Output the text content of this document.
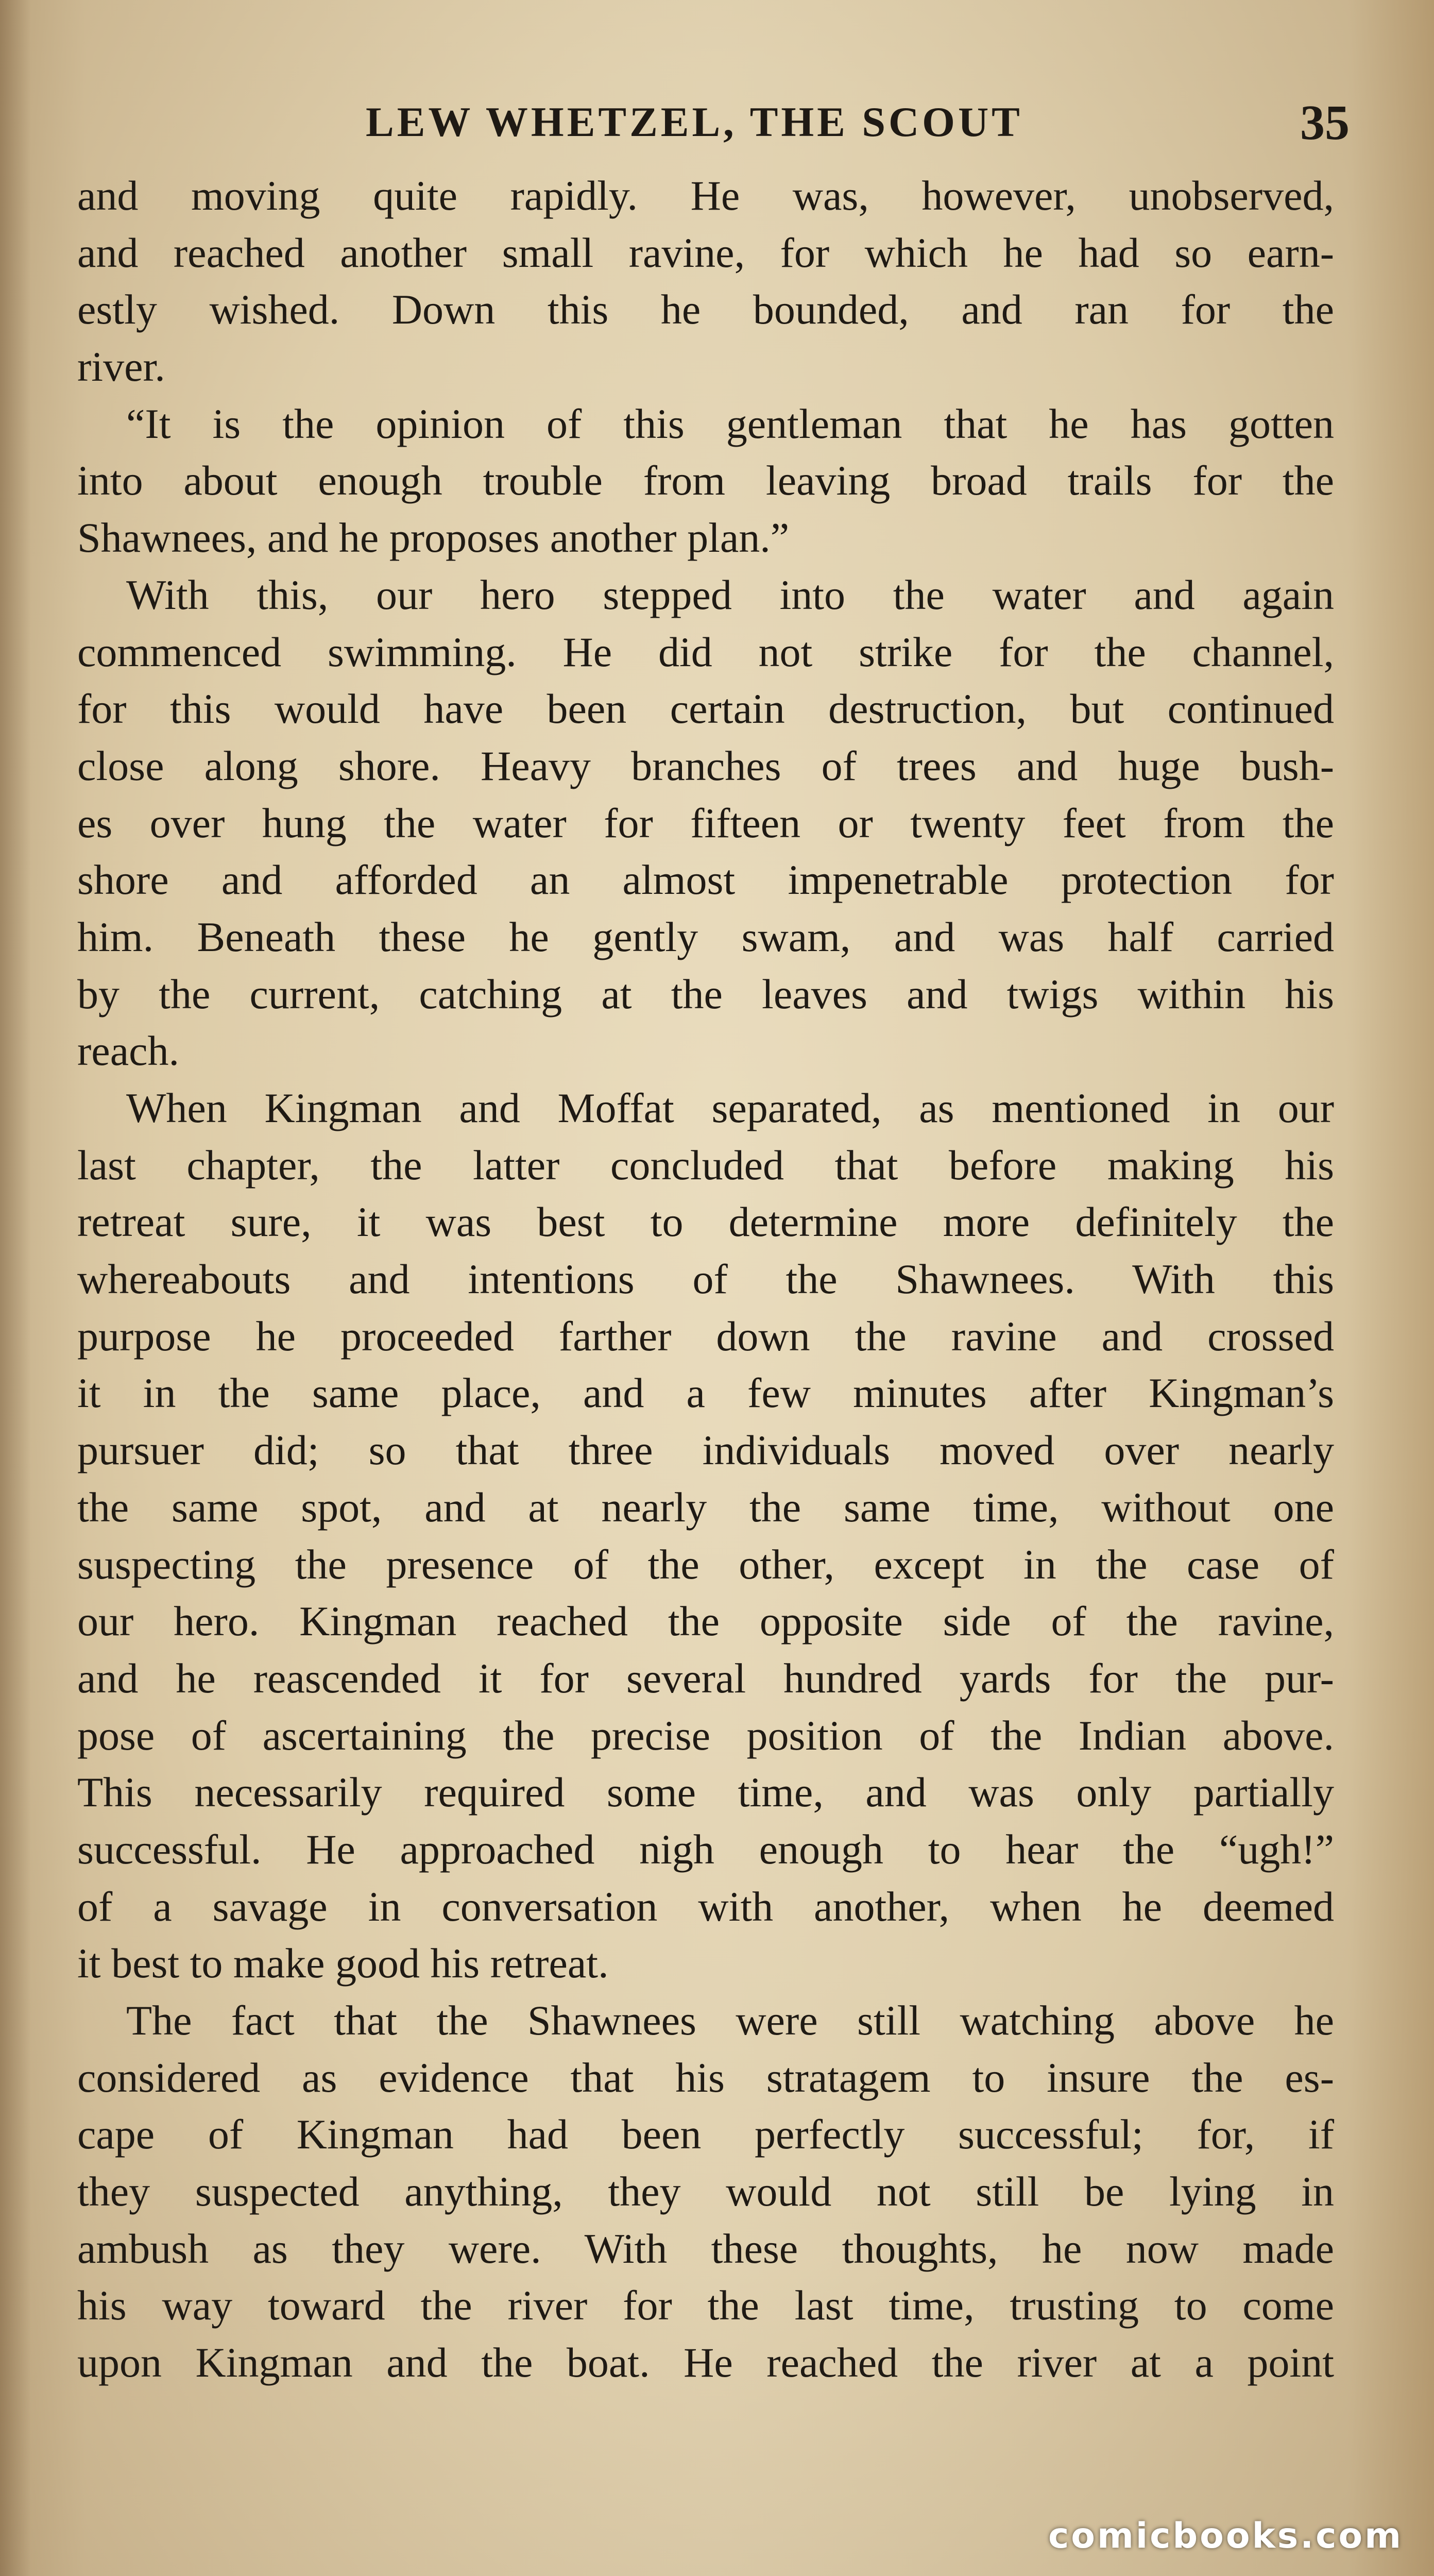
LEW WHETZEL, THE SCOUT	35
and moving quite rapidly. He was, however, unobserved,
and reached another small ravine, for which he had so earn-
estly wished. Down this he bounded, and ran for the
river.
“It is the opinion of this gentleman that he has gotten
into about enough trouble from leaving broad trails for the
Shawnees, and he proposes another plan.”
With this, our hero stepped into the water and again
commenced swimming. He did not strike for the channel,
for this would have been certain destruction, but continued
close along shore. Heavy branches of trees and huge bush-
es over hung the water for fifteen or twenty feet from the
shore and afforded an almost impenetrable protection for
him. Beneath these he gently swam, and was half carried
by the current, catching at the leaves and twigs within his
reach.
When Kingman and Moffat separated, as mentioned in our
last chapter, the latter concluded that before making his
retreat sure, it was best to determine more definitely the
whereabouts and intentions of the Shawnees. With this
purpose he proceeded farther down the ravine and crossed
it in the same place, and a few minutes after Kingman’s
pursuer did; so that three individuals moved over nearly
the same spot, and at nearly the same time, without one
suspecting the presence of the other, except in the case of
our hero. Kingman reached the opposite side of the ravine,
and he reascended it for several hundred yards for the pur-
pose of ascertaining the precise position of the Indian above.
This necessarily required some time, and was only partially
successful. He approached nigh enough to hear the “ugh!”
of a savage in conversation with another, when he deemed
it best to make good his retreat.
The fact that the Shawnees were still watching above he
considered as evidence that his stratagem to insure the es-
cape of Kingman had been perfectly successful; for, if
they suspected anything, they would not still be lying in
ambush as they were. With these thoughts, he now made
his way toward the river for the last time, trusting to come
upon Kingman and the boat. He reached the river at a point
comicbooks.com
